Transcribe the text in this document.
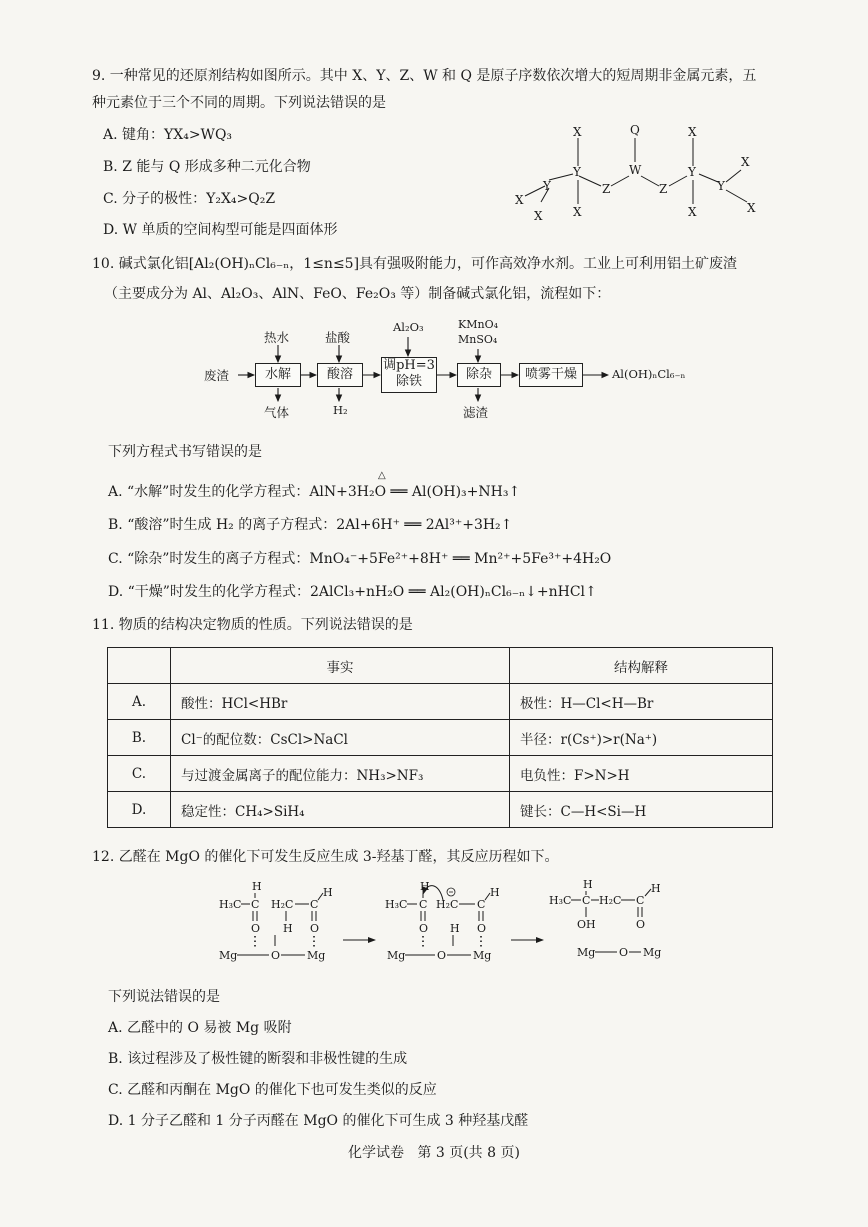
9. 一种常见的还原剂结构如图所示。其中 X、Y、Z、W 和 Q 是原子序数依次增大的短周期非金属元素，五
种元素位于三个不同的周期。下列说法错误的是
A. 键角：YX₄>WQ₃
B. Z 能与 Q 形成多种二元化合物
C. 分子的极性：Y₂X₄>Q₂Z
D. W 单质的空间构型可能是四面体形
X
X
Y
Y
X
X
Z
W
Q
Z
Y
X
X
Y
X
X
10. 碱式氯化铝[Al₂(OH)ₙCl₆₋ₙ，1≤n≤5]具有强吸附能力，可作高效净水剂。工业上可利用铝土矿废渣
（主要成分为 Al、Al₂O₃、AlN、FeO、Fe₂O₃ 等）制备碱式氯化铝，流程如下：
废渣	水解	酸溶
调pH=3
除铁	除杂	喷雾干燥	Al(OH)ₙCl₆₋ₙ
热水	盐酸
Al₂O₃	KMnO₄
MnSO₄
气体	H₂	滤渣
下列方程式书写错误的是
A. “水解”时发生的化学方程式：AlN+3H₂O ══ Al(OH)₃+NH₃↑
△
B. “酸溶”时生成 H₂ 的离子方程式：2Al+6H⁺ ══ 2Al³⁺+3H₂↑
C. “除杂”时发生的离子方程式：MnO₄⁻+5Fe²⁺+8H⁺ ══ Mn²⁺+5Fe³⁺+4H₂O
D. “干燥”时发生的化学方程式：2AlCl₃+nH₂O ══ Al₂(OH)ₙCl₆₋ₙ↓+nHCl↑
11. 物质的结构决定物质的性质。下列说法错误的是
	事实	结构解释
A.	酸性：HCl<HBr	极性：H—Cl<H—Br
B.	Cl⁻的配位数：CsCl>NaCl	半径：r(Cs⁺)>r(Na⁺)
C.	与过渡金属离子的配位能力：NH₃>NF₃	电负性：F>N>H
D.	稳定性：CH₄>SiH₄	键长：C—H<Si—H
12. 乙醛在 MgO 的催化下可发生反应生成 3-羟基丁醛，其反应历程如下。
H
H₃C C
O
H₂C
H
C
H
O
Mg	O Mg
H
H₃C C
O
H₂C
H
C
H
O
Mg	O Mg
H
H₃C C
OH
H₂C C
H
O
Mg O Mg
下列说法错误的是
A. 乙醛中的 O 易被 Mg 吸附
B. 该过程涉及了极性键的断裂和非极性键的生成
C. 乙醛和丙酮在 MgO 的催化下也可发生类似的反应
D. 1 分子乙醛和 1 分子丙醛在 MgO 的催化下可生成 3 种羟基戊醛
化学试卷   第 3 页(共 8 页)
